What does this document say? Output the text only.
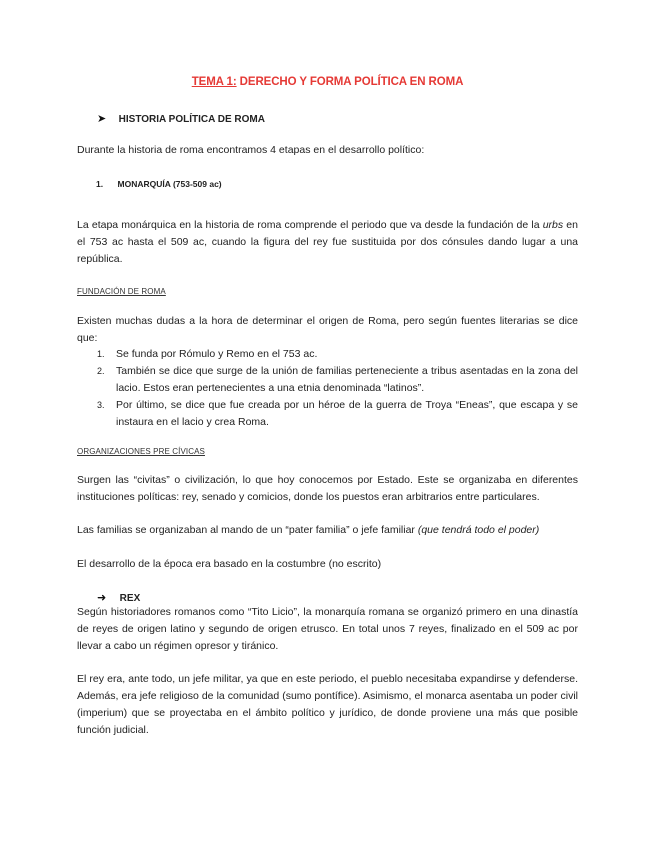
TEMA 1: DERECHO Y FORMA POLÍTICA EN ROMA
➤ HISTORIA POLÍTICA DE ROMA
Durante la historia de roma encontramos 4 etapas en el desarrollo político:
1. MONARQUÍA (753-509 ac)
La etapa monárquica en la historia de roma comprende el periodo que va desde la fundación de la urbs en el 753 ac hasta el 509 ac, cuando la figura del rey fue sustituida por dos cónsules dando lugar a una república.
FUNDACIÓN DE ROMA
Existen muchas dudas a la hora de determinar el origen de Roma, pero según fuentes literarias se dice que:
1. Se funda por Rómulo y Remo en el 753 ac.
2. También se dice que surge de la unión de familias perteneciente a tribus asentadas en la zona del lacio. Estos eran pertenecientes a una etnia denominada “latinos”.
3. Por último, se dice que fue creada por un héroe de la guerra de Troya “Eneas”, que escapa y se instaura en el lacio y crea Roma.
ORGANIZACIONES PRE CÍVICAS
Surgen las “civitas” o civilización, lo que hoy conocemos por Estado. Este se organizaba en diferentes instituciones políticas: rey, senado y comicios, donde los puestos eran arbitrarios entre particulares.
Las familias se organizaban al mando de un “pater familia” o jefe familiar (que tendrá todo el poder)
El desarrollo de la época era basado en la costumbre (no escrito)
➜ REX
Según historiadores romanos como “Tito Licio”, la monarquía romana se organizó primero en una dinastía de reyes de origen latino y segundo de origen etrusco. En total unos 7 reyes, finalizado en el 509 ac por llevar a cabo un régimen opresor y tiránico.
El rey era, ante todo, un jefe militar, ya que en este periodo, el pueblo necesitaba expandirse y defenderse. Además, era jefe religioso de la comunidad (sumo pontífice). Asimismo, el monarca asentaba un poder civil (imperium) que se proyectaba en el ámbito político y jurídico, de donde proviene una más que posible función judicial.
